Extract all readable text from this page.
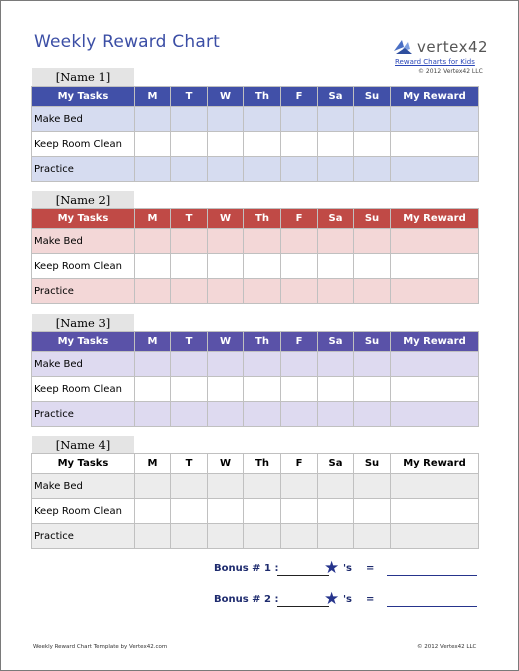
Weekly Reward Chart	vertex42
Reward Charts for Kids
© 2012 Vertex42 LLC
[Name 1]
My Tasks	M	T	W	Th	F	Sa	Su	My Reward
Make Bed								
Keep Room Clean								
Practice								
[Name 2]
My Tasks	M	T	W	Th	F	Sa	Su	My Reward
Make Bed								
Keep Room Clean								
Practice								
[Name 3]
My Tasks	M	T	W	Th	F	Sa	Su	My Reward
Make Bed								
Keep Room Clean								
Practice								
[Name 4]
My Tasks	M	T	W	Th	F	Sa	Su	My Reward
Make Bed								
Keep Room Clean								
Practice								
Bonus # 1 :	★ 's =
Bonus # 2 :	★ 's =
Weekly Reward Chart Template by Vertex42.com	© 2012 Vertex42 LLC
